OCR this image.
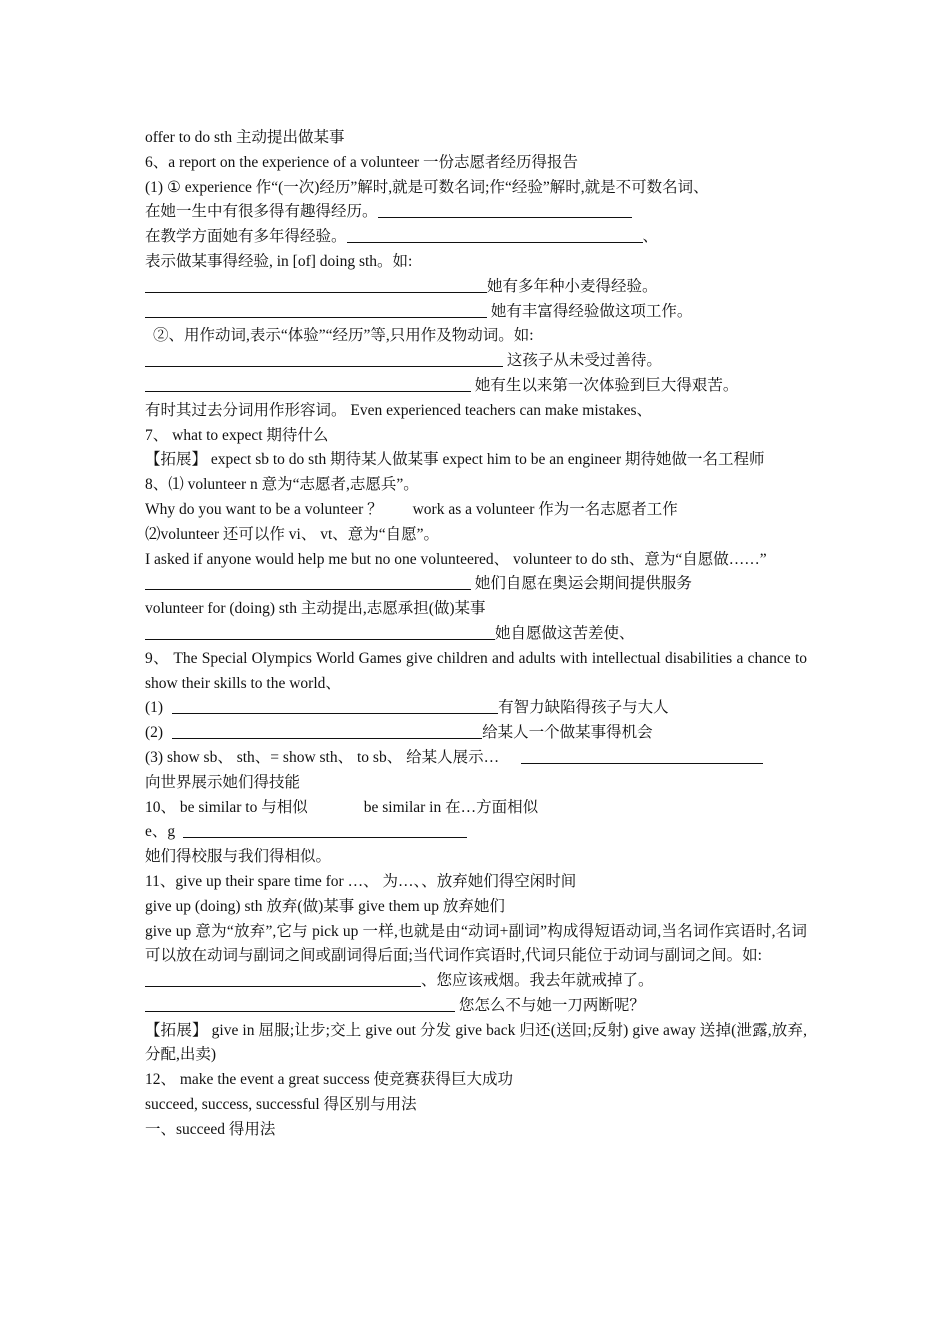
offer to do sth 主动提出做某事
6、a report on the experience of a volunteer 一份志愿者经历得报告
(1) ① experience 作“(一次)经历”解时,就是可数名词;作“经验”解时,就是不可数名词、
在她一生中有很多得有趣得经历。
在教学方面她有多年得经验。	、
表示做某事得经验, in [of] doing sth。如:
她有多年种小麦得经验。
她有丰富得经验做这项工作。
②、用作动词,表示“体验”“经历”等,只用作及物动词。如:
这孩子从未受过善待。
她有生以来第一次体验到巨大得艰苦。
有时其过去分词用作形容词。 Even experienced teachers can make mistakes、
7、 what to expect 期待什么
【拓展】 expect sb to do sth 期待某人做某事 expect him to be an engineer 期待她做一名工程师
8、⑴ volunteer n 意为“志愿者,志愿兵”。
Why do you want to be a volunteer ？ work as a volunteer 作为一名志愿者工作
⑵volunteer 还可以作 vi、 vt、意为“自愿”。
I asked if anyone would help me but no one volunteered、 volunteer to do sth、意为“自愿做……”
她们自愿在奥运会期间提供服务
volunteer for (doing) sth 主动提出,志愿承担(做)某事
她自愿做这苦差使、
9、 The Special Olympics World Games give children and adults with intellectual disabilities a chance to show their skills to the world、
(1)	有智力缺陷得孩子与大人
(2)	给某人一个做某事得机会
(3) show sb、 sth、= show sth、 to sb、 给某人展示…
向世界展示她们得技能
10、 be similar to 与相似	be similar in 在…方面相似
e、g
她们得校服与我们得相似。
11、give up their spare time for …、 为…、、放弃她们得空闲时间
give up (doing) sth 放弃(做)某事 give them up 放弃她们
give up 意为“放弃”,它与 pick up 一样,也就是由“动词+副词”构成得短语动词,当名词作宾语时,名词可以放在动词与副词之间或副词得后面;当代词作宾语时,代词只能位于动词与副词之间。如:
、您应该戒烟。我去年就戒掉了。
您怎么不与她一刀两断呢？
【拓展】 give in 屈服;让步;交上 give out 分发 give back 归还(送回;反射) give away 送掉(泄露,放弃,分配,出卖)
12、 make the event a great success 使竞赛获得巨大成功
succeed, success, successful 得区别与用法
一、succeed 得用法
